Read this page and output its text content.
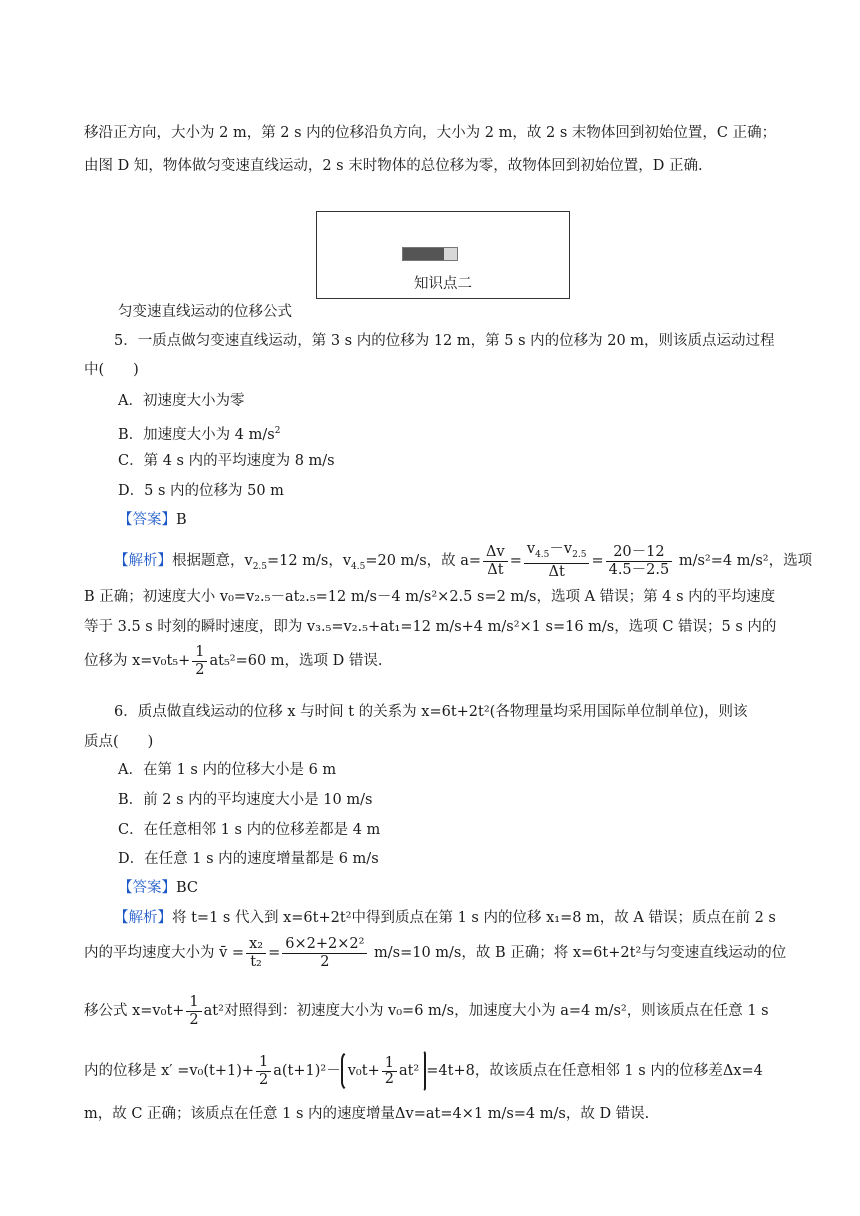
移沿正方向，大小为 2 m，第 2 s 内的位移沿负方向，大小为 2 m，故 2 s 末物体回到初始位置，C 正确；
由图 D 知，物体做匀变速直线运动，2 s 末时物体的总位移为零，故物体回到初始位置，D 正确.
知识点二
匀变速直线运动的位移公式
5．一质点做匀变速直线运动，第 3 s 内的位移为 12 m，第 5 s 内的位移为 20 m，则该质点运动过程
中(　　)
A．初速度大小为零
B．加速度大小为 4 $m/s^2$
C．第 4 s 内的平均速度为 8 m/s
D．5 s 内的位移为 50 m
【答案】B
【解析】根据题意，$v_{2.5}=12$ m/s，$v_{4.5}=20$ m/s，故 $a= \frac{\Delta v}{\Delta t} = \frac{v_{4.5}-v_{2.5}}{\Delta t} = \frac{20-12}{4.5-2.5} m/s^2=4$ m/s²，选项
B 正确；初速度大小 v₀=v₂.₅－at₂.₅=12 m/s－4 m/s²×2.5 s=2 m/s，选项 A 错误；第 4 s 内的平均速度
等于 3.5 s 时刻的瞬时速度，即为 v₃.₅=v₂.₅+at₁=12 m/s+4 m/s²×1 s=16 m/s，选项 C 错误；5 s 内的
位移为 $x=v_0t_5+ \frac{1}{2} at_5^2=60$ m，选项 D 错误.
6．质点做直线运动的位移 x 与时间 t 的关系为 x=6t+2t²(各物理量均采用国际单位制单位)，则该
质点(　　)
A．在第 1 s 内的位移大小是 6 m
B．前 2 s 内的平均速度大小是 10 m/s
C．在任意相邻 1 s 内的位移差都是 4 m
D．在任意 1 s 内的速度增量都是 6 m/s
【答案】BC
【解析】将 t=1 s 代入到 x=6t+2t²中得到质点在第 1 s 内的位移 x₁=8 m，故 A 错误；质点在前 2 s
内的平均速度大小为 v̄ = $\frac{\text{x₂}}{\text{t₂}} = \frac{\text{6×2+2×2²}}{2} m/s=10$ m/s，故 B 正确；将 x=6t+2t²与匀变速直线运动的位
移公式 $x=v_0t+ \frac{1}{2} at^2$对照得到：初速度大小为 v₀=6 m/s，加速度大小为 a=4 m/s²，则该质点在任意 1 s
内的位移是 $x' =v_0(t+1)+ \frac{1}{2} a(t+1)^2- v_0t+ \frac{1}{2} at^2 =4t+8$，故该质点在任意相邻 1 s 内的位移差Δx=4
m，故 C 正确；该质点在任意 1 s 内的速度增量Δv=at=4×1 m/s=4 m/s，故 D 错误.
